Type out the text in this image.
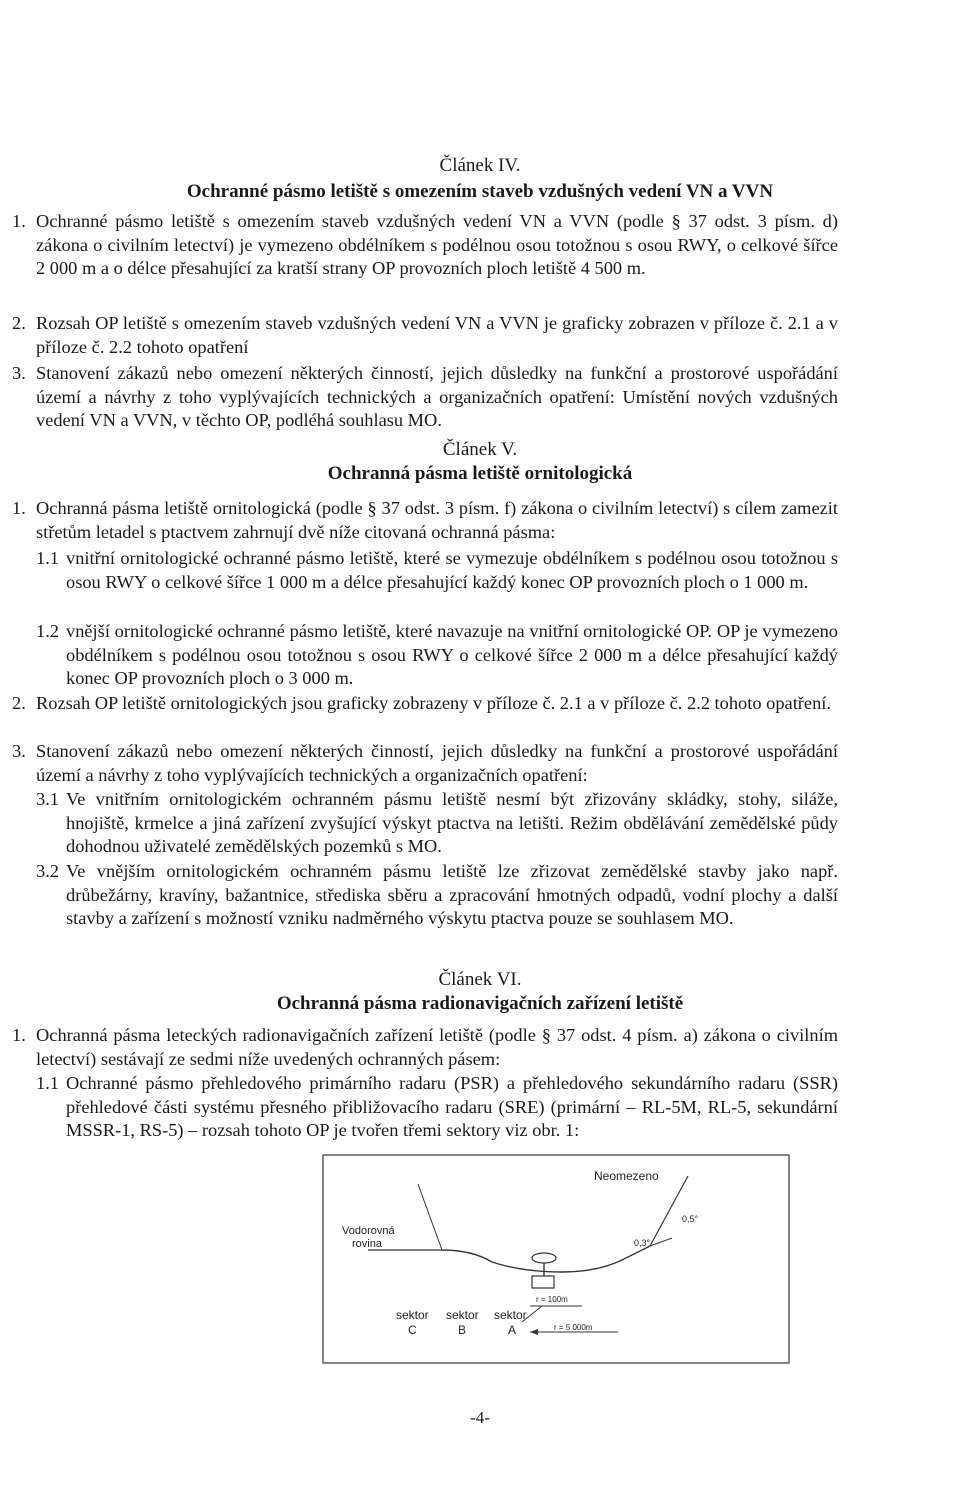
Článek IV.
Ochranné pásmo letiště s omezením staveb vzdušných vedení VN a VVN
1. Ochranné pásmo letiště s omezením staveb vzdušných vedení VN a VVN (podle § 37 odst. 3 písm. d) zákona o civilním letectví) je vymezeno obdélníkem s podélnou osou totožnou s osou RWY, o celkové šířce 2 000 m a o délce přesahující za kratší strany OP provozních ploch letiště 4 500 m.
2. Rozsah OP letiště s omezením staveb vzdušných vedení VN a VVN je graficky zobrazen v příloze č. 2.1 a v příloze č. 2.2 tohoto opatření
3. Stanovení zákazů nebo omezení některých činností, jejich důsledky na funkční a prostorové uspořádání území a návrhy z toho vyplývajících technických a organizačních opatření: Umístění nových vzdušných vedení VN a VVN, v těchto OP, podléhá souhlasu MO.
Článek V.
Ochranná pásma letiště ornitologická
1. Ochranná pásma letiště ornitologická (podle § 37 odst. 3 písm. f) zákona o civilním letectví) s cílem zamezit střetům letadel s ptactvem zahrnují dvě níže citovaná ochranná pásma:
1.1 vnitřní ornitologické ochranné pásmo letiště, které se vymezuje obdélníkem s podélnou osou totožnou s osou RWY o celkové šířce 1 000 m a délce přesahující každý konec OP provozních ploch o 1 000 m.
1.2 vnější ornitologické ochranné pásmo letiště, které navazuje na vnitřní ornitologické OP. OP je vymezeno obdélníkem s podélnou osou totožnou s osou RWY o celkové šířce 2 000 m a délce přesahující každý konec OP provozních ploch o 3 000 m.
2. Rozsah OP letiště ornitologických jsou graficky zobrazeny v příloze č. 2.1 a v příloze č. 2.2 tohoto opatření.
3. Stanovení zákazů nebo omezení některých činností, jejich důsledky na funkční a prostorové uspořádání území a návrhy z toho vyplývajících technických a organizačních opatření:
3.1 Ve vnitřním ornitologickém ochranném pásmu letiště nesmí být zřizovány skládky, stohy, siláže, hnojiště, krmelce a jiná zařízení zvyšující výskyt ptactva na letišti. Režim obdělávání zemědělské půdy dohodnou uživatelé zemědělských pozemků s MO.
3.2 Ve vnějším ornitologickém ochranném pásmu letiště lze zřizovat zemědělské stavby jako např. drůbežárny, kravíny, bažantnice, střediska sběru a zpracování hmotných odpadů, vodní plochy a další stavby a zařízení s možností vzniku nadměrného výskytu ptactva pouze se souhlasem MO.
Článek VI.
Ochranná pásma radionavigačních zařízení letiště
1. Ochranná pásma leteckých radionavigačních zařízení letiště (podle § 37 odst. 4 písm. a) zákona o civilním letectví) sestávají ze sedmi níže uvedených ochranných pásem:
1.1 Ochranné pásmo přehledového primárního radaru (PSR) a přehledového sekundárního radaru (SSR) přehledové části systému přesného přibližovacího radaru (SRE) (primární – RL-5M, RL-5, sekundární MSSR-1, RS-5) – rozsah tohoto OP je tvořen třemi sektory viz obr. 1:
Neomezeno
Vodorovná
rovina
0,5°
0,3°
r = 100m
r = 5 000m
sektor
C
sektor
B
sektor
A
-4-
